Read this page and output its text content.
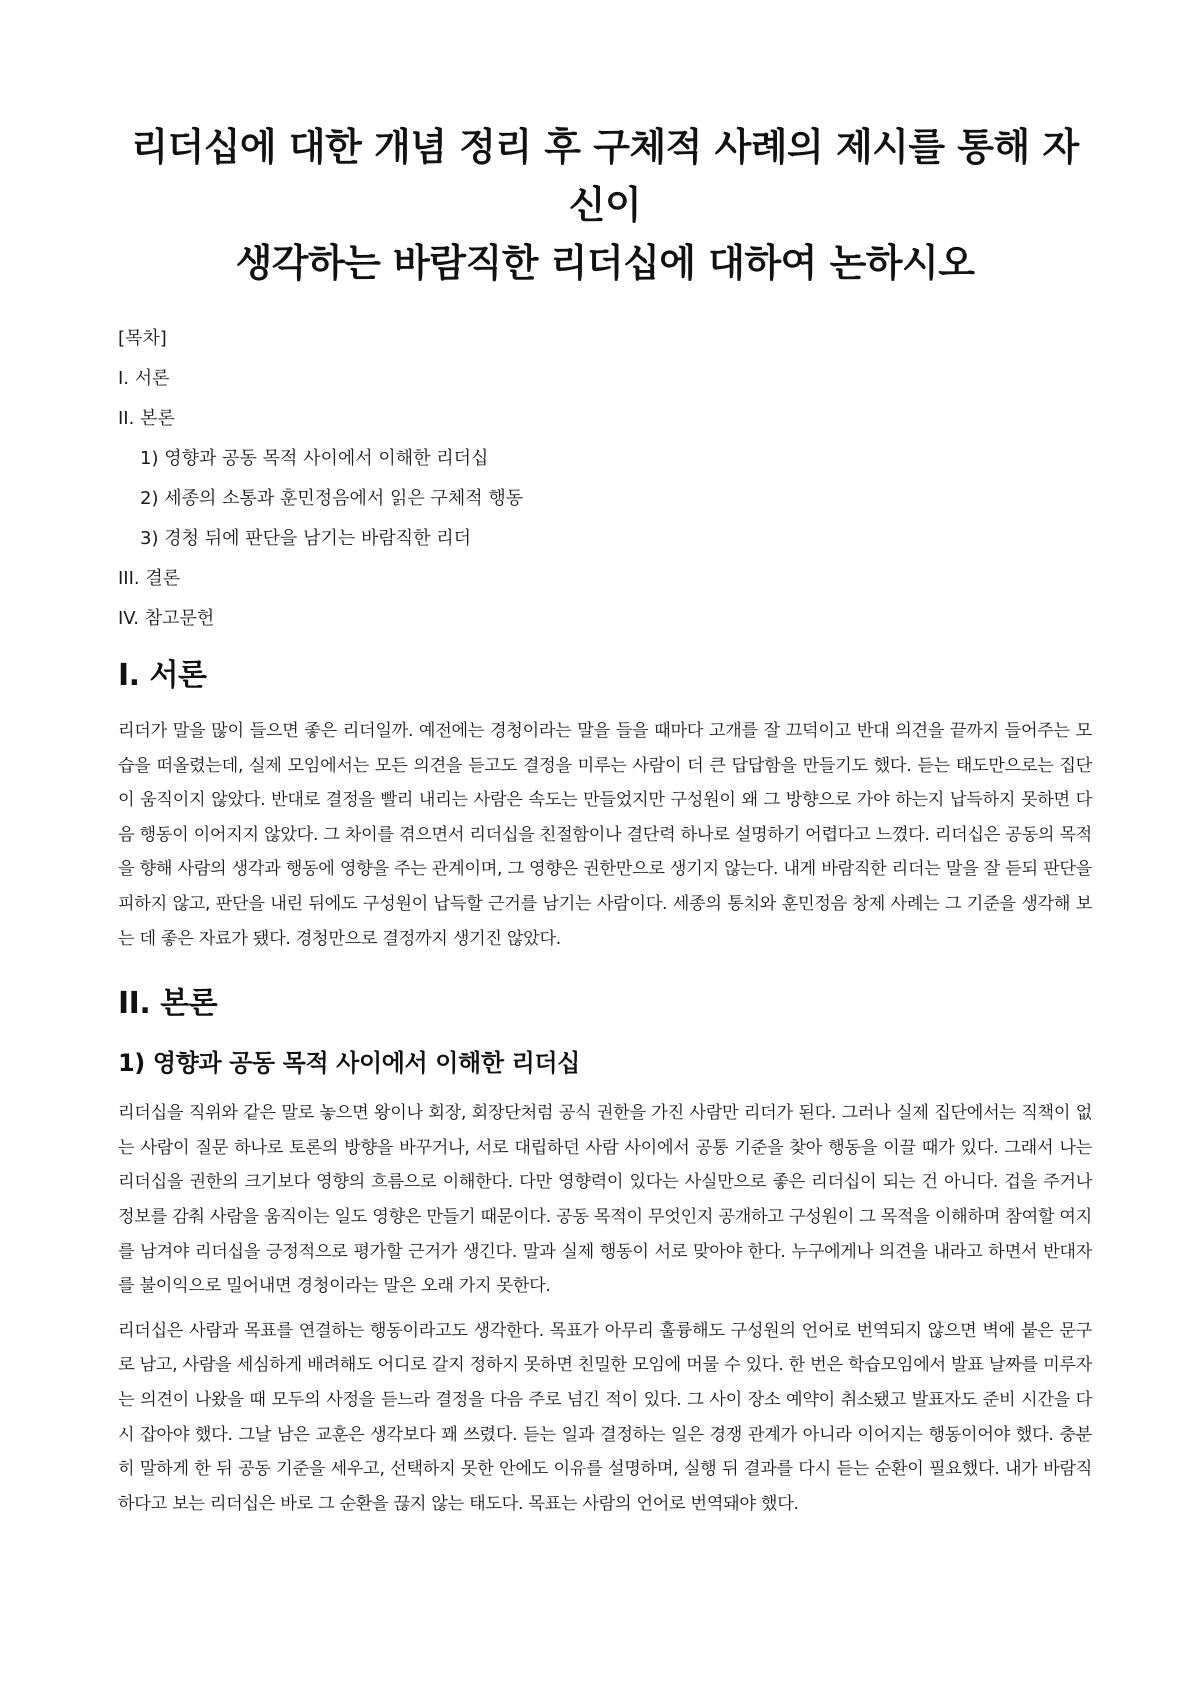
리더십에 대한 개념 정리 후 구체적 사례의 제시를 통해 자신이
생각하는 바람직한 리더십에 대하여 논하시오
[목차]
I. 서론
II. 본론
1) 영향과 공동 목적 사이에서 이해한 리더십
2) 세종의 소통과 훈민정음에서 읽은 구체적 행동
3) 경청 뒤에 판단을 남기는 바람직한 리더
III. 결론
IV. 참고문헌
I. 서론

리더가 말을 많이 들으면 좋은 리더일까. 예전에는 경청이라는 말을 들을 때마다 고개를 잘 끄덕이고 반대 의견을 끝까지 들어주는 모습을 떠올렸는데, 실제 모임에서는 모든 의견을 듣고도 결정을 미루는 사람이 더 큰 답답함을 만들기도 했다. 듣는 태도만으로는 집단이 움직이지 않았다. 반대로 결정을 빨리 내리는 사람은 속도는 만들었지만 구성원이 왜 그 방향으로 가야 하는지 납득하지 못하면 다음 행동이 이어지지 않았다. 그 차이를 겪으면서 리더십을 친절함이나 결단력 하나로 설명하기 어렵다고 느꼈다. 리더십은 공동의 목적을 향해 사람의 생각과 행동에 영향을 주는 관계이며, 그 영향은 권한만으로 생기지 않는다. 내게 바람직한 리더는 말을 잘 듣되 판단을 피하지 않고, 판단을 내린 뒤에도 구성원이 납득할 근거를 남기는 사람이다. 세종의 통치와 훈민정음 창제 사례는 그 기준을 생각해 보는 데 좋은 자료가 됐다. 경청만으로 결정까지 생기진 않았다.

II. 본론
1) 영향과 공동 목적 사이에서 이해한 리더십

리더십을 직위와 같은 말로 놓으면 왕이나 회장, 회장단처럼 공식 권한을 가진 사람만 리더가 된다. 그러나 실제 집단에서는 직책이 없는 사람이 질문 하나로 토론의 방향을 바꾸거나, 서로 대립하던 사람 사이에서 공통 기준을 찾아 행동을 이끌 때가 있다. 그래서 나는 리더십을 권한의 크기보다 영향의 흐름으로 이해한다. 다만 영향력이 있다는 사실만으로 좋은 리더십이 되는 건 아니다. 겁을 주거나 정보를 감춰 사람을 움직이는 일도 영향은 만들기 때문이다. 공동 목적이 무엇인지 공개하고 구성원이 그 목적을 이해하며 참여할 여지를 남겨야 리더십을 긍정적으로 평가할 근거가 생긴다. 말과 실제 행동이 서로 맞아야 한다. 누구에게나 의견을 내라고 하면서 반대자를 불이익으로 밀어내면 경청이라는 말은 오래 가지 못한다.

리더십은 사람과 목표를 연결하는 행동이라고도 생각한다. 목표가 아무리 훌륭해도 구성원의 언어로 번역되지 않으면 벽에 붙은 문구로 남고, 사람을 세심하게 배려해도 어디로 갈지 정하지 못하면 친밀한 모임에 머물 수 있다. 한 번은 학습모임에서 발표 날짜를 미루자는 의견이 나왔을 때 모두의 사정을 듣느라 결정을 다음 주로 넘긴 적이 있다. 그 사이 장소 예약이 취소됐고 발표자도 준비 시간을 다시 잡아야 했다. 그날 남은 교훈은 생각보다 꽤 쓰렸다. 듣는 일과 결정하는 일은 경쟁 관계가 아니라 이어지는 행동이어야 했다. 충분히 말하게 한 뒤 공동 기준을 세우고, 선택하지 못한 안에도 이유를 설명하며, 실행 뒤 결과를 다시 듣는 순환이 필요했다. 내가 바람직하다고 보는 리더십은 바로 그 순환을 끊지 않는 태도다. 목표는 사람의 언어로 번역돼야 했다.
